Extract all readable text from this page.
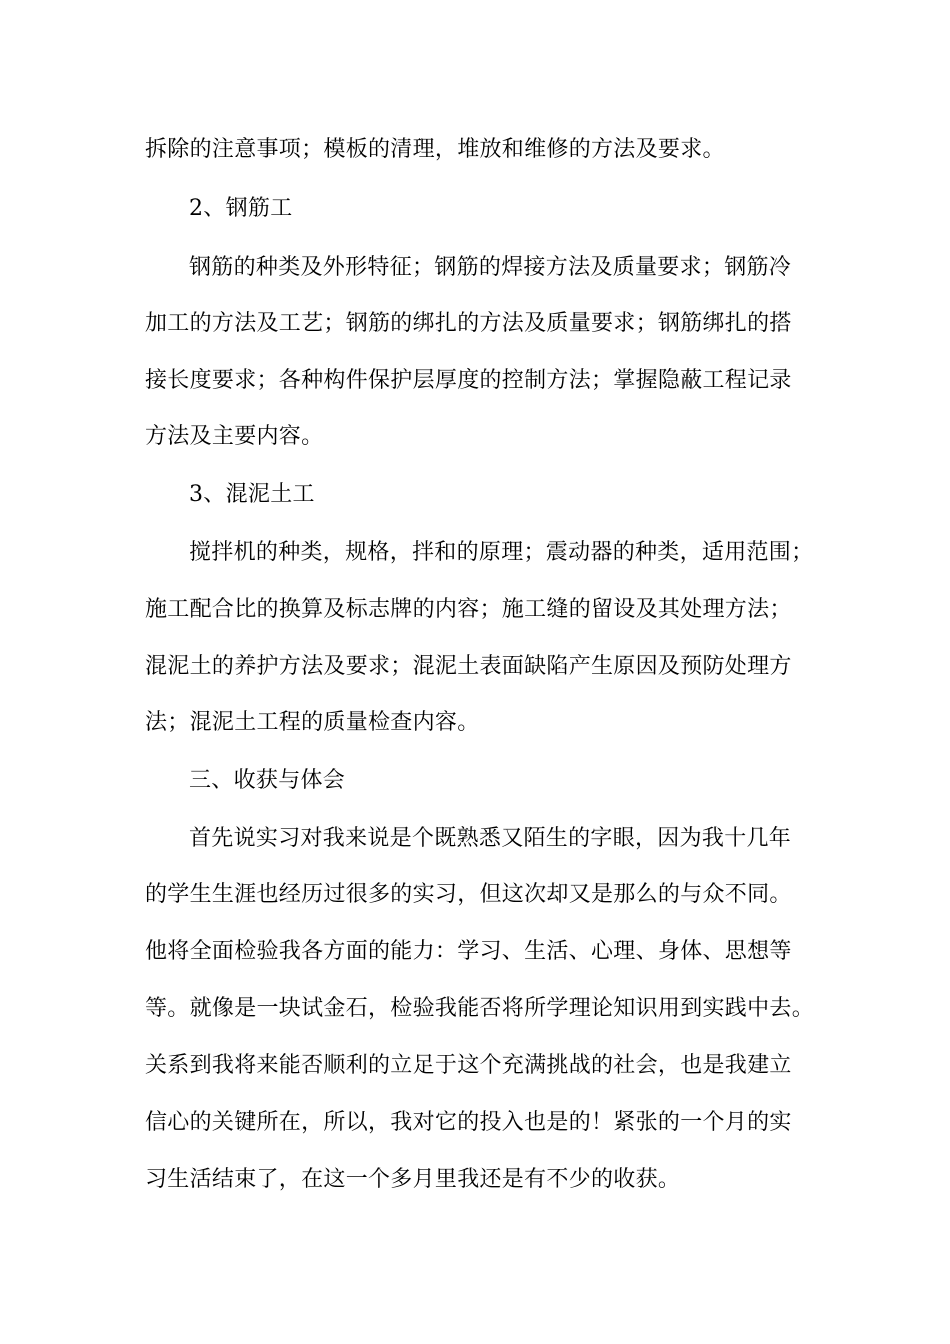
拆除的注意事项；模板的清理，堆放和维修的方法及要求。
2、钢筋工
钢筋的种类及外形特征；钢筋的焊接方法及质量要求；钢筋冷
加工的方法及工艺；钢筋的绑扎的方法及质量要求；钢筋绑扎的搭
接长度要求；各种构件保护层厚度的控制方法；掌握隐蔽工程记录
方法及主要内容。
3、混泥土工
搅拌机的种类，规格，拌和的原理；震动器的种类，适用范围；
施工配合比的换算及标志牌的内容；施工缝的留设及其处理方法；
混泥土的养护方法及要求；混泥土表面缺陷产生原因及预防处理方
法；混泥土工程的质量检查内容。
三、收获与体会
首先说实习对我来说是个既熟悉又陌生的字眼，因为我十几年
的学生生涯也经历过很多的实习，但这次却又是那么的与众不同。
他将全面检验我各方面的能力：学习、生活、心理、身体、思想等
等。就像是一块试金石，检验我能否将所学理论知识用到实践中去。
关系到我将来能否顺利的立足于这个充满挑战的社会，也是我建立
信心的关键所在，所以，我对它的投入也是的！紧张的一个月的实
习生活结束了，在这一个多月里我还是有不少的收获。
